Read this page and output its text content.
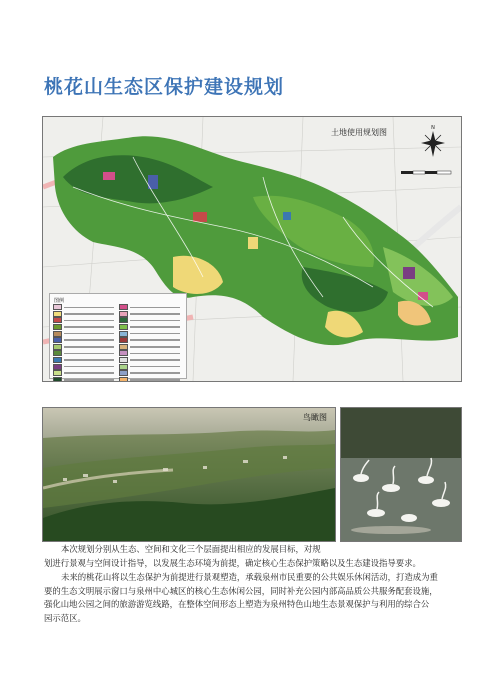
桃花山生态区保护建设规划
土地使用规划图	N
图例
鸟瞰图
本次规划分别从生态、空间和文化三个层面提出相应的发展目标，对规
划进行景观与空间设计指导，以发展生态环境为前提，确定核心生态保护策略以及生态建设指导要求。
未来的桃花山将以生态保护为前提进行景观塑造，承载泉州市民重要的公共娱乐休闲活动，打造成为重
要的生态文明展示窗口与泉州中心城区的核心生态休闲公园，同时补充公园内部高品质公共服务配套设施，
强化山地公园之间的旅游游览线路，在整体空间形态上塑造为泉州特色山地生态景观保护与利用的综合公
园示范区。
